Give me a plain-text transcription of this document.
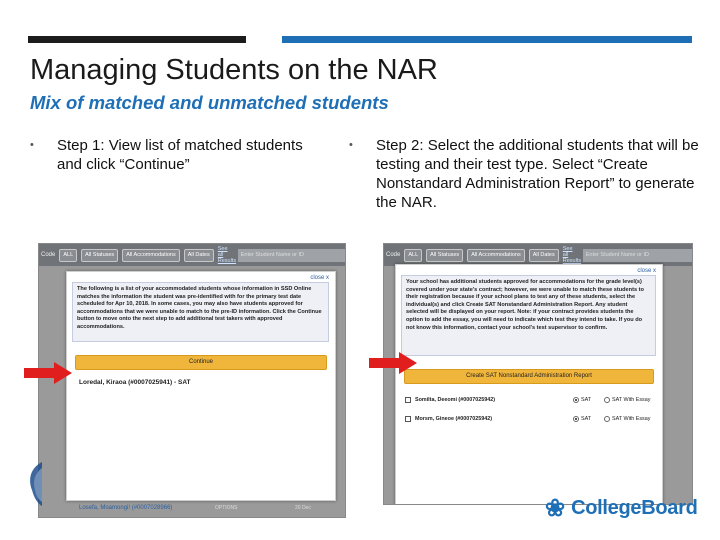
Managing Students on the NAR
Mix of matched and unmatched students
• Step 1: View list of matched students and click “Continue”
• Step 2: Select the additional students that will be testing and their test type. Select “Create Nonstandard Administration Report” to generate the NAR.
Code	ALL	All Statuses	All Accommodations	All Dates
See all Results
Enter Student Name or ID
Losefa, Moamongi! (#0007028966)	OPTIONS	20 Dec
close x
The following is a list of your accommodated students whose information in SSD Online matches the information the student was pre-identified with for the primary test date scheduled for Apr 10, 2018. In some cases, you may also have students approved for accommodations that we were unable to match to the pre-ID information. Click the Continue button to move onto the next step to add additional test takers with approved accommodations.
Continue
Loredal, Kiraoa (#0007025941) - SAT
Code	ALL	All Statuses	All Accommodations	All Dates
See all Results
Enter Student Name or ID
close x
Your school has additional students approved for accommodations for the grade level(s) covered under your state's contract; however, we were unable to match these students to their registration because if your school plans to test any of these students, select the individual(s) and click Create SAT Nonstandard Administration Report. Any student selected will be displayed on your report. Note: if your contract provides students the option to add the essay, you will need to indicate which test they intend to take. If you do not know this information, contact your school's test supervisor to confirm.
Create SAT Nonstandard Administration Report
Somilta, Deeomi (#0007025942)	SAT	SAT With Essay
Morsm, Gineoe (#0007025942)	SAT	SAT With Essay
❀ CollegeBoard
